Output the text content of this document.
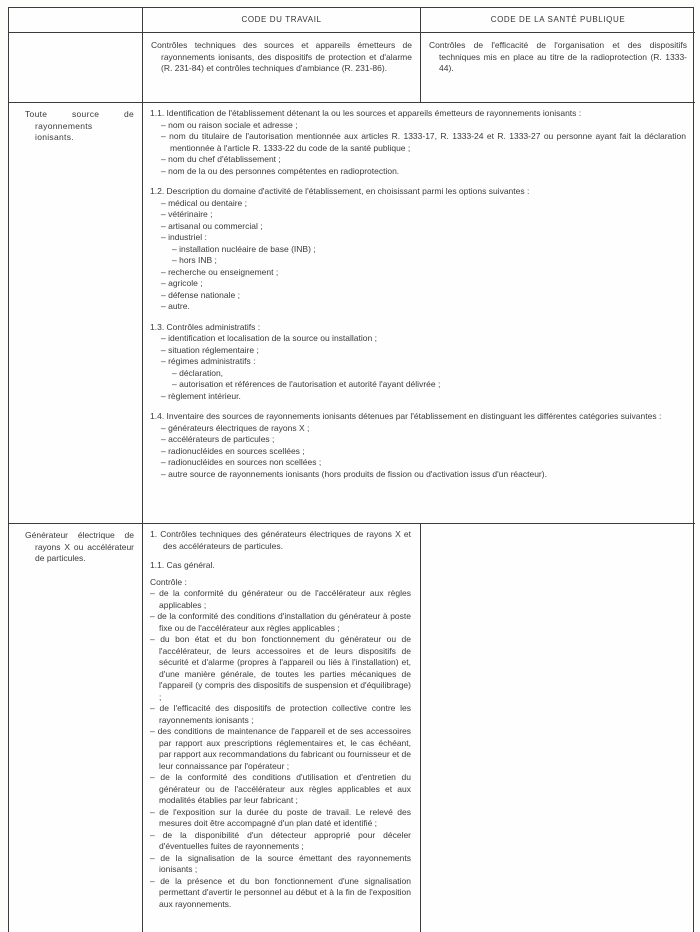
CODE DU TRAVAIL	CODE DE LA SANTÉ PUBLIQUE
Contrôles techniques des sources et appareils émetteurs de rayonnements ionisants, des dispositifs de protection et d'alarme (R. 231-84) et contrôles techniques d'ambiance (R. 231-86).
Contrôles de l'efficacité de l'organisation et des dispositifs techniques mis en place au titre de la radioprotection (R. 1333-44).
Toute source de rayonnements ionisants.
1.1. Identification de l'établissement détenant la ou les sources et appareils émetteurs de rayonnements ionisants :
– nom ou raison sociale et adresse ;
– nom du titulaire de l'autorisation mentionnée aux articles R. 1333-17, R. 1333-24 et R. 1333-27 ou personne ayant fait la déclaration mentionnée à l'article R. 1333-22 du code de la santé publique ;
– nom du chef d'établissement ;
– nom de la ou des personnes compétentes en radioprotection.
1.2. Description du domaine d'activité de l'établissement, en choisissant parmi les options suivantes :
– médical ou dentaire ;
– vétérinaire ;
– artisanal ou commercial ;
– industriel :
– installation nucléaire de base (INB) ;
– hors INB ;
– recherche ou enseignement ;
– agricole ;
– défense nationale ;
– autre.
1.3. Contrôles administratifs :
– identification et localisation de la source ou installation ;
– situation réglementaire ;
– régimes administratifs :
– déclaration,
– autorisation et références de l'autorisation et autorité l'ayant délivrée ;
– règlement intérieur.
1.4. Inventaire des sources de rayonnements ionisants détenues par l'établissement en distinguant les différentes catégories suivantes :
– générateurs électriques de rayons X ;
– accélérateurs de particules ;
– radionucléides en sources scellées ;
– radionucléides en sources non scellées ;
– autre source de rayonnements ionisants (hors produits de fission ou d'activation issus d'un réacteur).
Générateur électrique de rayons X ou accélérateur de particules.
1. Contrôles techniques des générateurs électriques de rayons X et des accélérateurs de particules.
1.1. Cas général.
Contrôle :
– de la conformité du générateur ou de l'accélérateur aux règles applicables ;
– de la conformité des conditions d'installation du générateur à poste fixe ou de l'accélérateur aux règles applicables ;
– du bon état et du bon fonctionnement du générateur ou de l'accélérateur, de leurs accessoires et de leurs dispositifs de sécurité et d'alarme (propres à l'appareil ou liés à l'installation) et, d'une manière générale, de toutes les parties mécaniques de l'appareil (y compris des dispositifs de suspension et d'équilibrage) ;
– de l'efficacité des dispositifs de protection collective contre les rayonnements ionisants ;
– des conditions de maintenance de l'appareil et de ses accessoires par rapport aux prescriptions réglementaires et, le cas échéant, par rapport aux recommandations du fabricant ou fournisseur et de leur connaissance par l'opérateur ;
– de la conformité des conditions d'utilisation et d'entretien du générateur ou de l'accélérateur aux règles applicables et aux modalités établies par leur fabricant ;
– de l'exposition sur la durée du poste de travail. Le relevé des mesures doit être accompagné d'un plan daté et identifié ;
– de la disponibilité d'un détecteur approprié pour déceler d'éventuelles fuites de rayonnements ;
– de la signalisation de la source émettant des rayonnements ionisants ;
– de la présence et du bon fonctionnement d'une signalisation permettant d'avertir le personnel au début et à la fin de l'exposition aux rayonnements.
